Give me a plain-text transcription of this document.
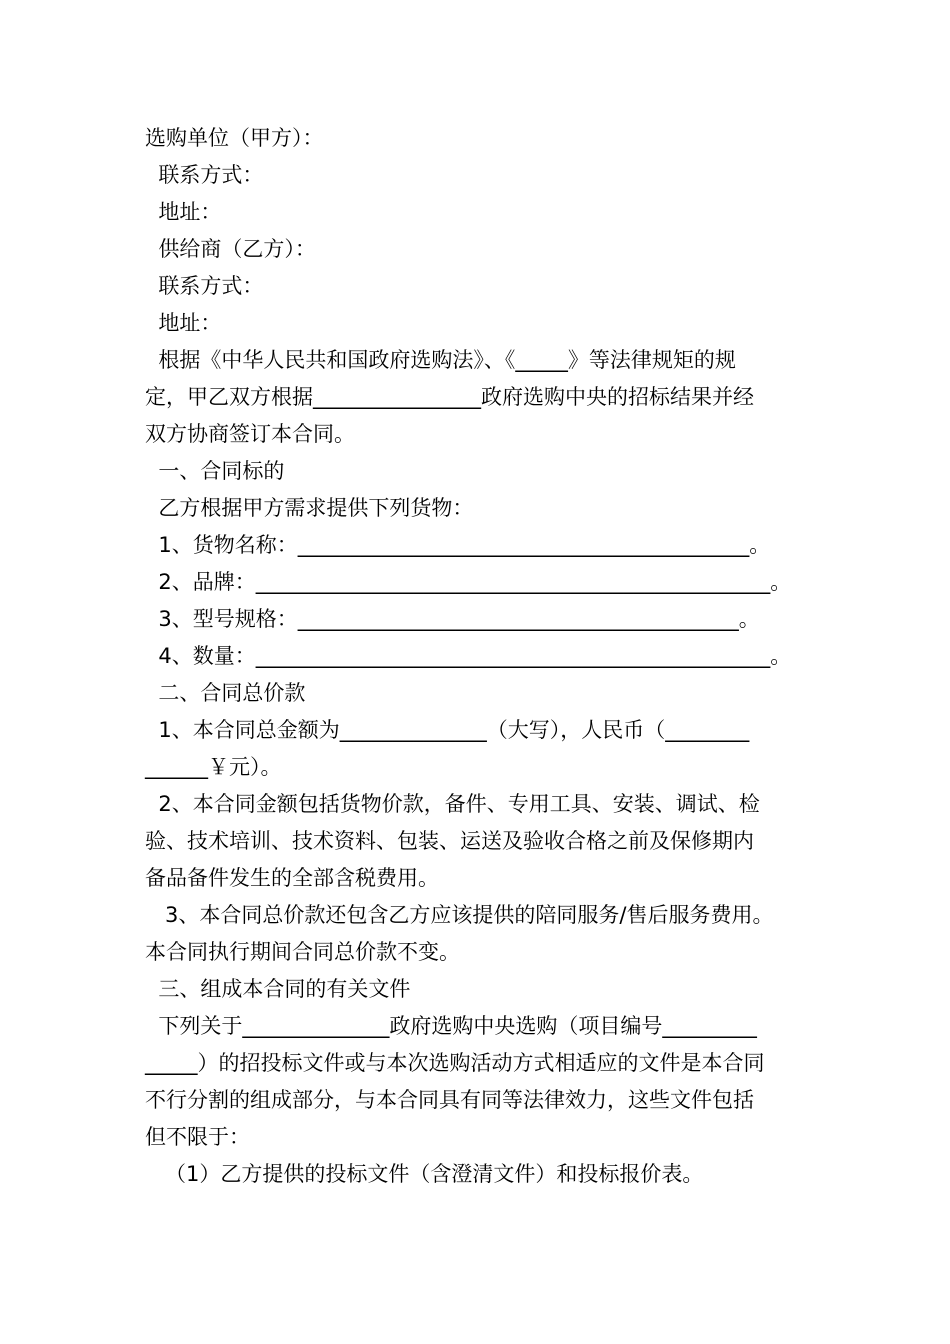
选购单位（甲方）：

联系方式：

地址：

供给商（乙方）：

联系方式：

地址：

根据《中华人民共和国政府选购法》、《_____》等法律规矩的规

定，甲乙双方根据________________政府选购中央的招标结果并经

双方协商签订本合同。

一、合同标的

乙方根据甲方需求提供下列货物：

1、货物名称：___________________________________________。

2、品牌：_________________________________________________。

3、型号规格：__________________________________________。

4、数量：_________________________________________________。

二、合同总价款

1、本合同总金额为______________（大写），人民币（________

______￥元）。

2、本合同金额包括货物价款，备件、专用工具、安装、调试、检

验、技术培训、技术资料、包装、运送及验收合格之前及保修期内

备品备件发生的全部含税费用。

3、本合同总价款还包含乙方应该提供的陪同服务/售后服务费用。

本合同执行期间合同总价款不变。

三、组成本合同的有关文件

下列关于______________政府选购中央选购（项目编号_________

_____）的招投标文件或与本次选购活动方式相适应的文件是本合同

不行分割的组成部分，与本合同具有同等法律效力，这些文件包括

但不限于：

（1）乙方提供的投标文件（含澄清文件）和投标报价表。
